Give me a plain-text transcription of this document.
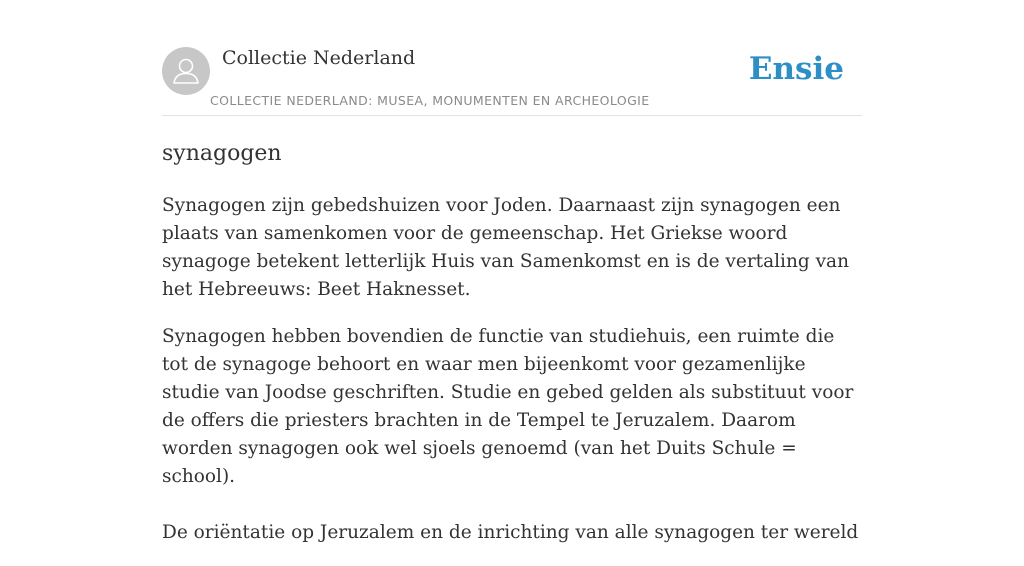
Collectie Nederland
COLLECTIE NEDERLAND: MUSEA, MONUMENTEN EN ARCHEOLOGIE
Ensie
synagogen

Synagogen zijn gebedshuizen voor Joden. Daarnaast zijn synagogen een plaats van samenkomen voor de gemeenschap. Het Griekse woord synagoge betekent letterlijk Huis van Samenkomst en is de vertaling van het Hebreeuws: Beet Haknesset.

Synagogen hebben bovendien de functie van studiehuis, een ruimte die tot de synagoge behoort en waar men bijeenkomt voor gezamenlijke studie van Joodse geschriften. Studie en gebed gelden als substituut voor de offers die priesters brachten in de Tempel te Jeruzalem. Daarom worden synagogen ook wel sjoels genoemd (van het Duits Schule = school).

De oriëntatie op Jeruzalem en de inrichting van alle synagogen ter wereld
